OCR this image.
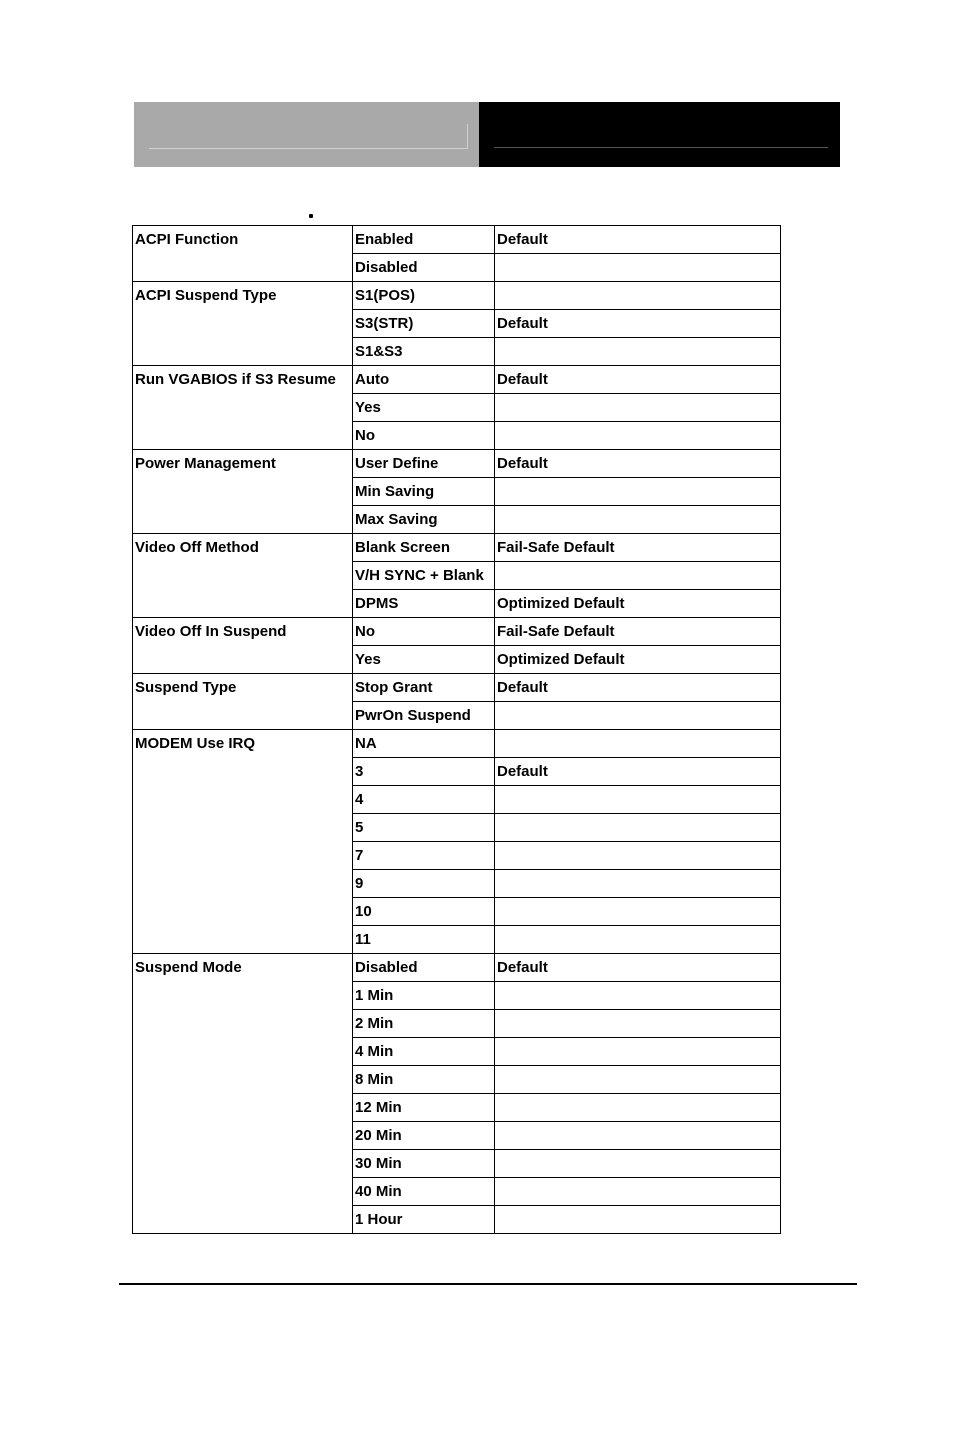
ACPI Function	Enabled	Default
	Disabled	
ACPI Suspend Type	S1(POS)	
	S3(STR)	Default
	S1&S3	
Run VGABIOS if S3 Resume	Auto	Default
	Yes	
	No	
Power Management	User Define	Default
	Min Saving	
	Max Saving	
Video Off Method	Blank Screen	Fail-Safe Default
	V/H SYNC + Blank	
	DPMS	Optimized Default
Video Off In Suspend	No	Fail-Safe Default
	Yes	Optimized Default
Suspend Type	Stop Grant	Default
	PwrOn Suspend	
MODEM Use IRQ	NA	
	3	Default
	4	
	5	
	7	
	9	
	10	
	11	
Suspend Mode	Disabled	Default
	1 Min	
	2 Min	
	4 Min	
	8 Min	
	12 Min	
	20 Min	
	30 Min	
	40 Min	
	1 Hour	
